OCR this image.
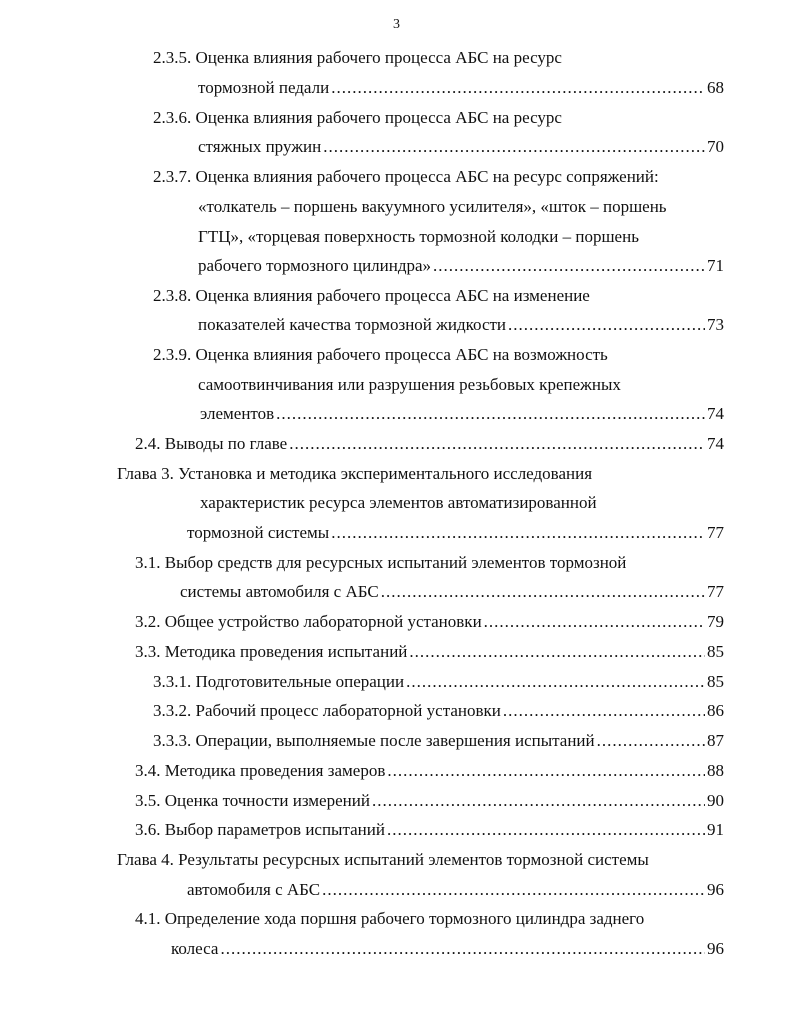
3
2.3.5. Оценка влияния рабочего процесса АБС на ресурс
тормозной педали .....	68
2.3.6. Оценка влияния рабочего процесса АБС на ресурс
стяжных пружин .....	70
2.3.7. Оценка влияния рабочего процесса АБС на ресурс сопряжений:
«толкатель – поршень вакуумного усилителя», «шток – поршень
ГТЦ», «торцевая поверхность тормозной колодки – поршень
рабочего тормозного цилиндра» .....	71
2.3.8. Оценка влияния рабочего процесса АБС на изменение
показателей качества тормозной жидкости .....	73
2.3.9. Оценка влияния рабочего процесса АБС на возможность
самоотвинчивания или разрушения резьбовых крепежных
элементов .....	74
2.4. Выводы по главе .....	74
Глава 3. Установка и методика экспериментального исследования
характеристик ресурса элементов автоматизированной
тормозной системы .....	77
3.1. Выбор средств для ресурсных испытаний элементов тормозной
системы автомобиля с АБС .....	77
3.2. Общее устройство лабораторной установки .....	79
3.3. Методика проведения испытаний .....	85
3.3.1. Подготовительные операции .....	85
3.3.2. Рабочий процесс лабораторной установки .....	86
3.3.3. Операции, выполняемые после завершения испытаний .....	87
3.4. Методика проведения замеров .....	88
3.5. Оценка точности измерений .....	90
3.6. Выбор параметров испытаний .....	91
Глава 4. Результаты ресурсных испытаний элементов тормозной системы
автомобиля с АБС .....	96
4.1. Определение хода поршня рабочего тормозного цилиндра заднего
колеса .....	96
